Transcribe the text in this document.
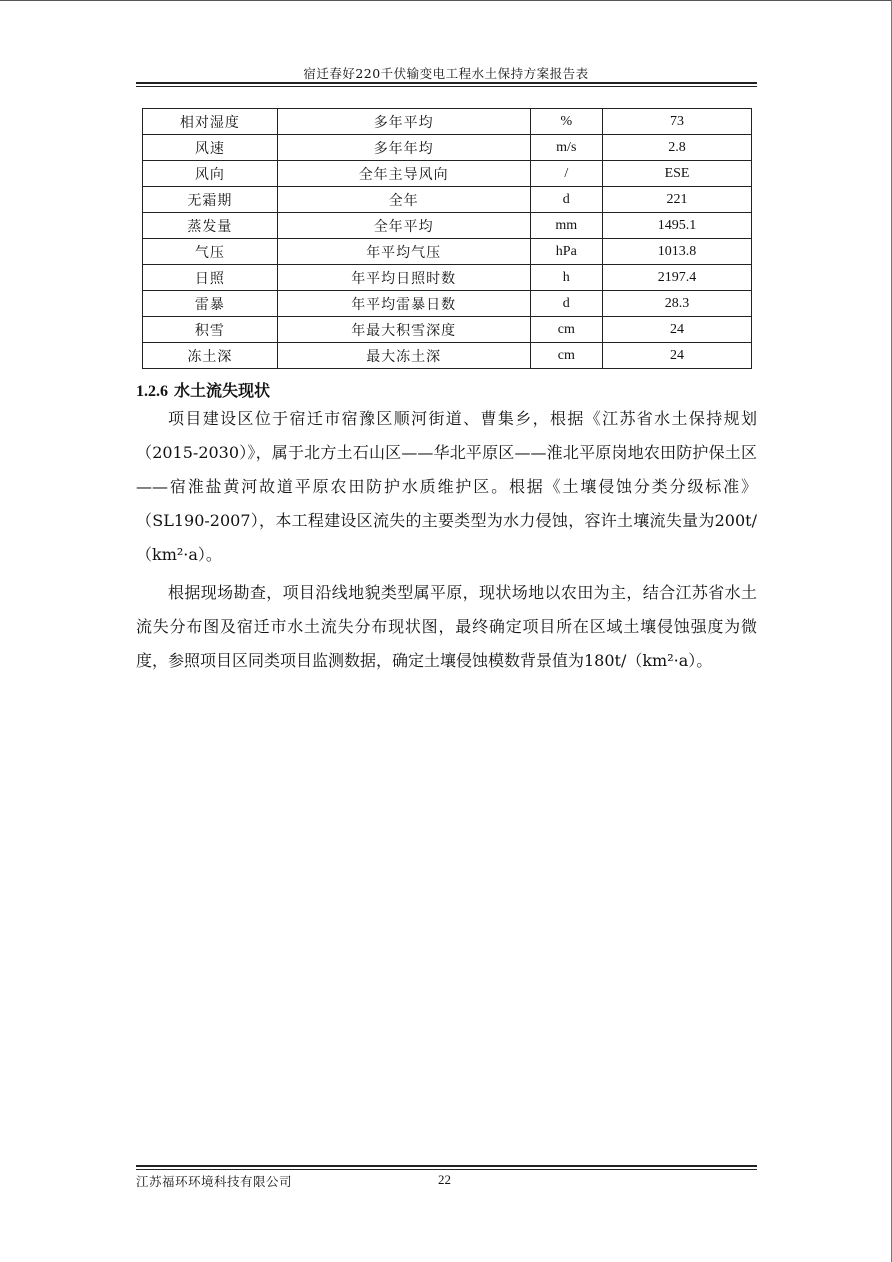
宿迁春好220千伏输变电工程水土保持方案报告表
相对湿度	多年平均	%	73
风速	多年年均	m/s	2.8
风向	全年主导风向	/	ESE
无霜期	全年	d	221
蒸发量	全年平均	mm	1495.1
气压	年平均气压	hPa	1013.8
日照	年平均日照时数	h	2197.4
雷暴	年平均雷暴日数	d	28.3
积雪	年最大积雪深度	cm	24
冻土深	最大冻土深	cm	24
1.2.6 水土流失现状
项目建设区位于宿迁市宿豫区顺河街道、曹集乡，根据《江苏省水土保持规划（2015-2030）》，属于北方土石山区——华北平原区——淮北平原岗地农田防护保土区——宿淮盐黄河故道平原农田防护水质维护区。根据《土壤侵蚀分类分级标准》（SL190-2007），本工程建设区流失的主要类型为水力侵蚀，容许土壤流失量为200t/（km²·a）。
根据现场勘查，项目沿线地貌类型属平原，现状场地以农田为主，结合江苏省水土流失分布图及宿迁市水土流失分布现状图，最终确定项目所在区域土壤侵蚀强度为微度，参照项目区同类项目监测数据，确定土壤侵蚀模数背景值为180t/（km²·a）。
江苏福环环境科技有限公司	22
